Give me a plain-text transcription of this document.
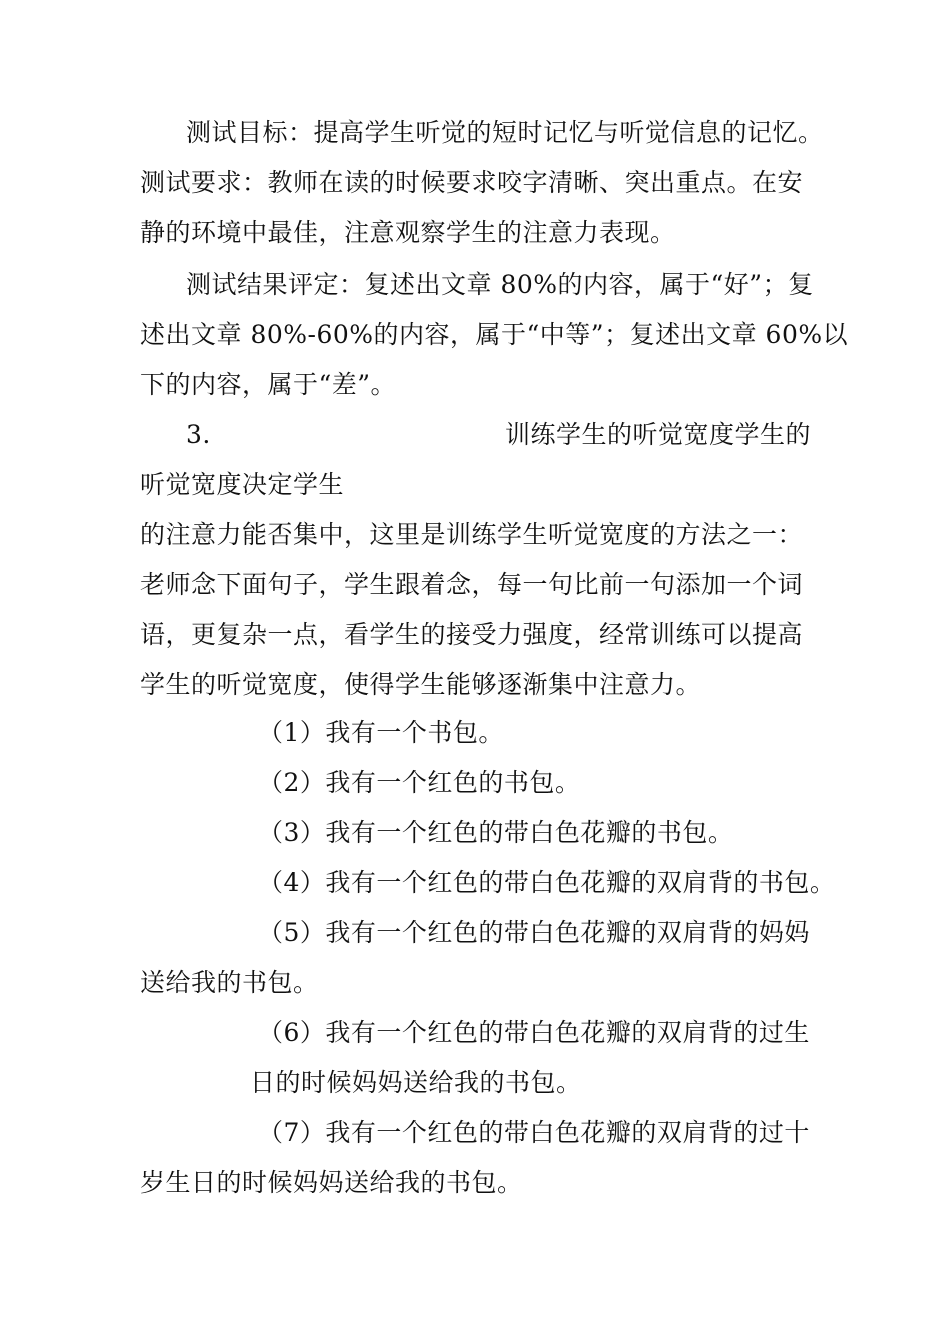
测试目标：提高学生听觉的短时记忆与听觉信息的记忆。
测试要求：教师在读的时候要求咬字清晰、突出重点。在安
静的环境中最佳，注意观察学生的注意力表现。
测试结果评定：复述出文章 80%的内容，属于“好”；复
述出文章 80%-60%的内容，属于“中等”；复述出文章 60%以
下的内容，属于“差”。
3.	训练学生的听觉宽度学生的
听觉宽度决定学生
的注意力能否集中，这里是训练学生听觉宽度的方法之一：
老师念下面句子，学生跟着念，每一句比前一句添加一个词
语，更复杂一点，看学生的接受力强度，经常训练可以提高
学生的听觉宽度，使得学生能够逐渐集中注意力。
（1）我有一个书包。
（2）我有一个红色的书包。
（3）我有一个红色的带白色花瓣的书包。
（4）我有一个红色的带白色花瓣的双肩背的书包。
（5）我有一个红色的带白色花瓣的双肩背的妈妈
送给我的书包。
（6）我有一个红色的带白色花瓣的双肩背的过生
日的时候妈妈送给我的书包。
（7）我有一个红色的带白色花瓣的双肩背的过十
岁生日的时候妈妈送给我的书包。
